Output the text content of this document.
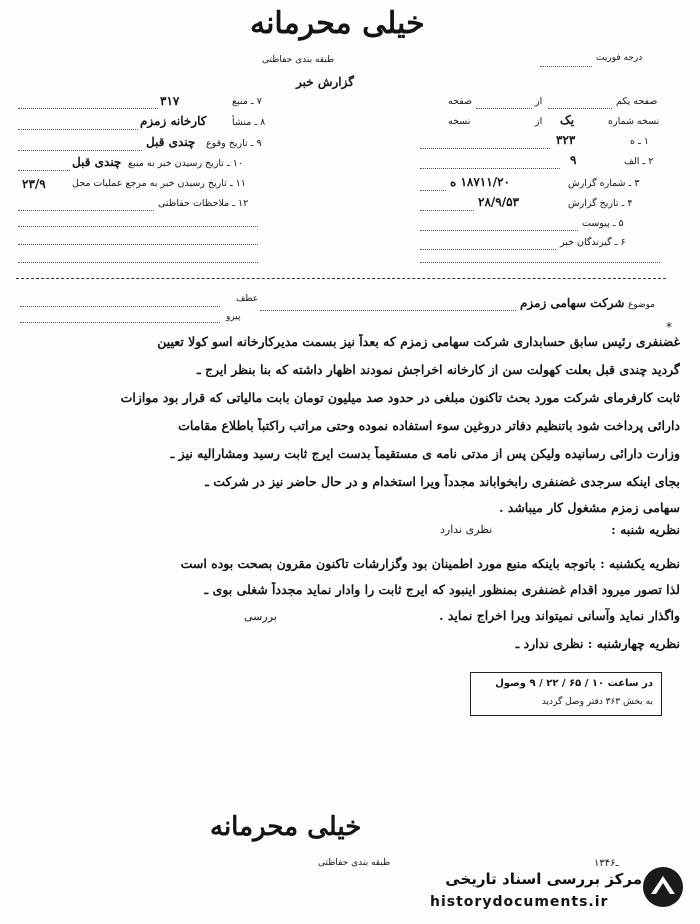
خیلی محرمانه
طبقه بندی حفاظتی	درجه فوریت
گزارش خبر
۷ ـ منبع
۳۱۷
۸ ـ منشأ
کارخانه زمزم
۹ ـ تاریخ وقوع
چندی قبل
۱۰ ـ تاریخ رسیدن خبر به منبع
چندی قبل
۱۱ ـ تاریخ رسیدن خبر به مرجع عملیات محل
۲۳/۹
۱۲ ـ ملاحظات حفاظتی
صفحه یکم
از
صفحه
نسخه شماره
یک
از
نسخه
۱ ـ ه
۳۲۳
۲ ـ الف
۹
۳ ـ شماره گزارش
۱۸۷۱۱/۲۰ ه
۴ ـ تاریخ گزارش
۲۸/۹/۵۳
۵ ـ پیوست
۶ ـ گیرندگان خبر
موضوع
شرکت سهامی زمزم
عطف
پیرو
*
غضنفری رئیس سابق حسابداری شرکت سهامی زمزم که بعداً نیز بسمت مدیرکارخانه اسو کولا تعیین
گردید چندی قبل بعلت کهولت سن از کارخانه اخراجش نمودند اظهار داشته که بنا بنظر ایرج ـ
ثابت کارفرمای شرکت مورد بحث تاکنون مبلغی در حدود صد میلیون تومان بابت مالیاتی که قرار بود موازات
دارائی پرداخت شود باتنظیم دفاتر دروغین سوء استفاده نموده وحتی مراتب راکتباً باطلاع مقامات
وزارت دارائی رسانیده ولیکن پس از مدتی نامه ی مستقیماً بدست ایرج ثابت رسید ومشارالیه نیز ـ
بجای اینکه سرجدی غضنفری رابخواباند مجدداً ویرا استخدام و در حال حاضر نیز در شرکت ـ
سهامی زمزم مشغول کار میباشد .
نظریه شنبه :
نظری ندارد
نظریه یکشنبه : باتوجه باینکه منبع مورد اطمینان بود وگزارشات تاکنون مقرون بصحت بوده است
لذا تصور میرود اقدام غضنفری بمنظور اینبود که ایرج ثابت را وادار نماید مجدداً شغلی بوی ـ
واگذار نماید وآسانی نمیتواند ویرا اخراج نماید .
بررسی
نظریه چهارشنبه : نظری ندارد ـ
در ساعت ۱۰ / ۶۵ / ۲۲ / ۹ وصول
به بخش ۳۶۳ دفتر وصل گردید
خیلی محرمانه
طبقه بندی حفاظتی	۱۳ـ۴۶
مرکز بررسی اسناد تاریخی
historydocuments.ir
